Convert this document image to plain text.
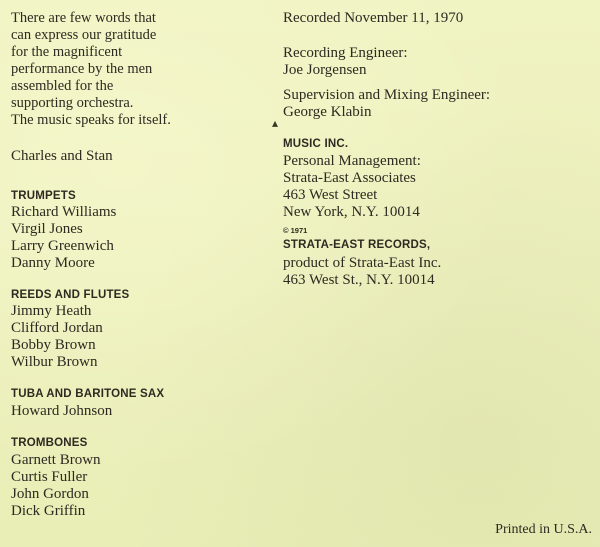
There are few words that
can express our gratitude
for the magnificent
performance by the men
assembled for the
supporting orchestra.
The music speaks for itself.
Charles and Stan
TRUMPETS
Richard Williams
Virgil Jones
Larry Greenwich
Danny Moore
REEDS AND FLUTES
Jimmy Heath
Clifford Jordan
Bobby Brown
Wilbur Brown
TUBA AND BARITONE SAX
Howard Johnson
TROMBONES
Garnett Brown
Curtis Fuller
John Gordon
Dick Griffin
▴
Recorded November 11, 1970
Recording Engineer:
Joe Jorgensen
Supervision and Mixing Engineer:
George Klabin
MUSIC INC.
Personal Management:
Strata-East Associates
463 West Street
New York, N.Y. 10014
© 1971
STRATA-EAST RECORDS,
product of Strata-East Inc.
463 West St., N.Y. 10014
Printed in U.S.A.
